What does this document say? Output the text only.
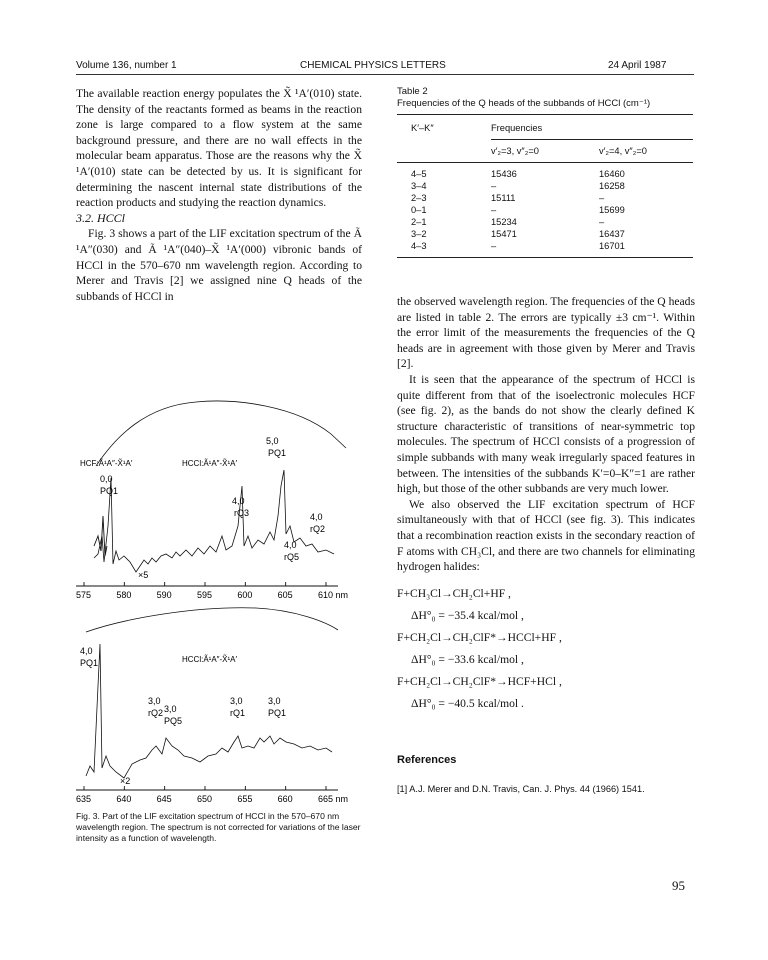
Volume 136, number 1	CHEMICAL PHYSICS LETTERS	24 April 1987

The available reaction energy populates the X̃ ¹A′(010) state. The density of the reactants formed as beams in the reaction zone is large compared to a flow system at the same background pressure, and there are no wall effects in the molecular beam apparatus. Those are the reasons why the X̃ ¹A′(010) state can be detected by us. It is significant for determining the nascent internal state distributions of the reaction products and studying the reaction dynamics.

3.2. HCCl

Fig. 3 shows a part of the LIF excitation spectrum of the Ã ¹A″(030) and Ã ¹A″(040)–X̃ ¹A′(000) vibronic bands of HCCl in the 570–670 nm wavelength region. According to Merer and Travis [2] we assigned nine Q heads of the subbands of HCCl in

575	580	590	595	600	605	610 nm
HCF:Ã¹A″-X̃¹A′	HCCl:Ã¹A″-X̃¹A′
×5
0,0
PQ1
4,0
rQ3
5,0
PQ1
4,0
rQ5
4,0
rQ2
635	640	645	650	655	660	665 nm
HCCl:Ã¹A″-X̃¹A′
×2
4,0
PQ1
3,0
rQ2 3,0
PQ5
3,0
rQ1
3,0
PQ1
Fig. 3. Part of the LIF excitation spectrum of HCCl in the 570–670 nm wavelength region. The spectrum is not corrected for variations of the laser intensity as a function of wavelength.
Table 2
Frequencies of the Q heads of the subbands of HCCl (cm⁻¹)
K′–K″	Frequencies	
	v′₂=3, v″₂=0	v′₂=4, v″₂=0
4–5	15436	16460
3–4	–	16258
2–3	15111	–
0–1	–	15699
2–1	15234	–
3–2	15471	16437
4–3	–	16701

the observed wavelength region. The frequencies of the Q heads are listed in table 2. The errors are typically ±3 cm⁻¹. Within the error limit of the measurements the frequencies of the Q heads are in agreement with those given by Merer and Travis [2].

It is seen that the appearance of the spectrum of HCCl is quite different from that of the isoelectronic molecules HCF (see fig. 2), as the bands do not show the clearly defined K structure characteristic of transitions of near-symmetric top molecules. The spectrum of HCCl consists of a progression of simple subbands with many weak irregularly spaced features in between. The intensities of the subbands K′=0–K″=1 are rather high, but those of the other subbands are very much lower.

We also observed the LIF excitation spectrum of HCF simultaneously with that of HCCl (see fig. 3). This indicates that a recombination reaction exists in the secondary reaction of F atoms with CH₃Cl, and there are two channels for eliminating hydrogen halides:

F+CH₃Cl→CH₂Cl+HF ,
ΔH°₀ = −35.4 kcal/mol ,
F+CH₂Cl→CH₂ClF*→HCCl+HF ,
ΔH°₀ = −33.6 kcal/mol ,
F+CH₂Cl→CH₂ClF*→HCF+HCl ,
ΔH°₀ = −40.5 kcal/mol .

References

[1] A.J. Merer and D.N. Travis, Can. J. Phys. 44 (1966) 1541.

95
